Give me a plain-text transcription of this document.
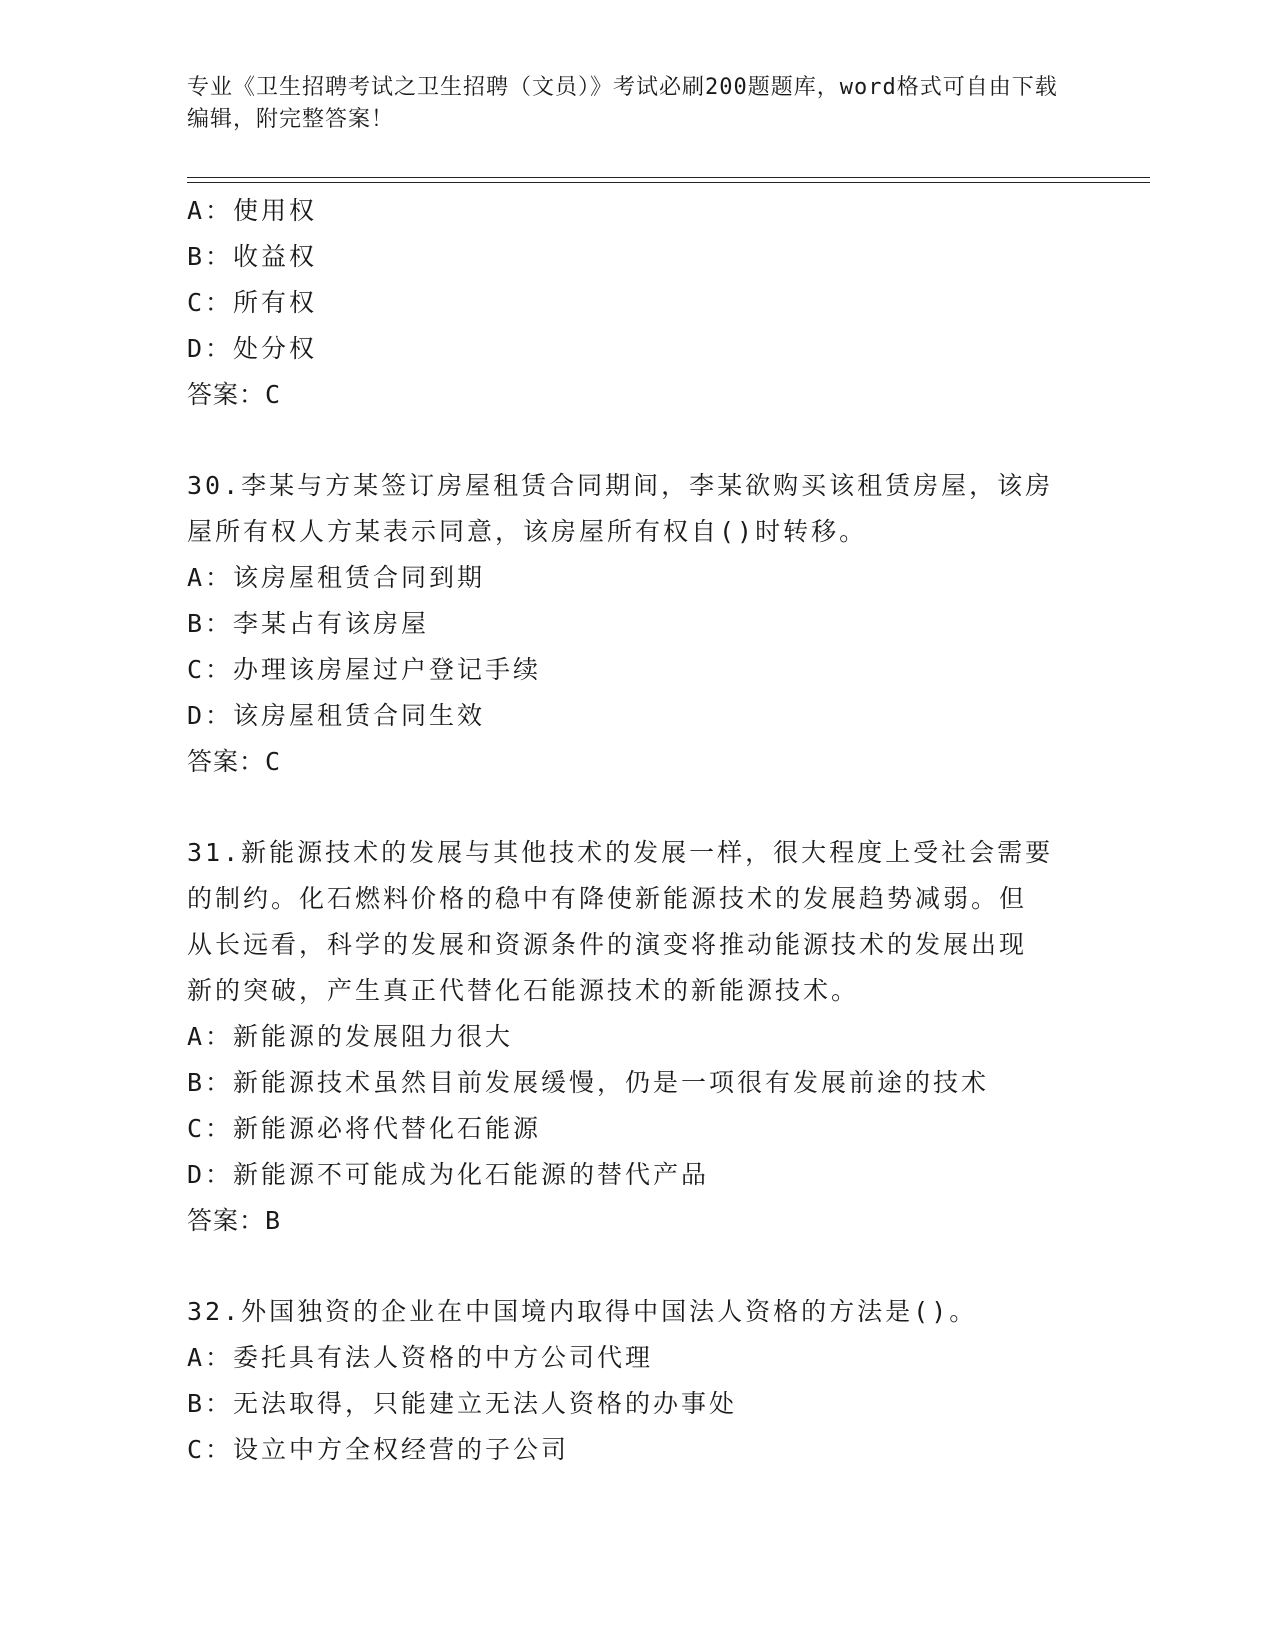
专业《卫生招聘考试之卫生招聘（文员）》考试必刷200题题库，word格式可自由下载编辑，附完整答案！
A：使用权
B：收益权
C：所有权
D：处分权
答案：C
30.李某与方某签订房屋租赁合同期间，李某欲购买该租赁房屋，该房
屋所有权人方某表示同意，该房屋所有权自()时转移。
A：该房屋租赁合同到期
B：李某占有该房屋
C：办理该房屋过户登记手续
D：该房屋租赁合同生效
答案：C
31.新能源技术的发展与其他技术的发展一样，很大程度上受社会需要
的制约。化石燃料价格的稳中有降使新能源技术的发展趋势减弱。但
从长远看，科学的发展和资源条件的演变将推动能源技术的发展出现
新的突破，产生真正代替化石能源技术的新能源技术。
A：新能源的发展阻力很大
B：新能源技术虽然目前发展缓慢，仍是一项很有发展前途的技术
C：新能源必将代替化石能源
D：新能源不可能成为化石能源的替代产品
答案：B
32.外国独资的企业在中国境内取得中国法人资格的方法是()。
A：委托具有法人资格的中方公司代理
B：无法取得，只能建立无法人资格的办事处
C：设立中方全权经营的子公司
